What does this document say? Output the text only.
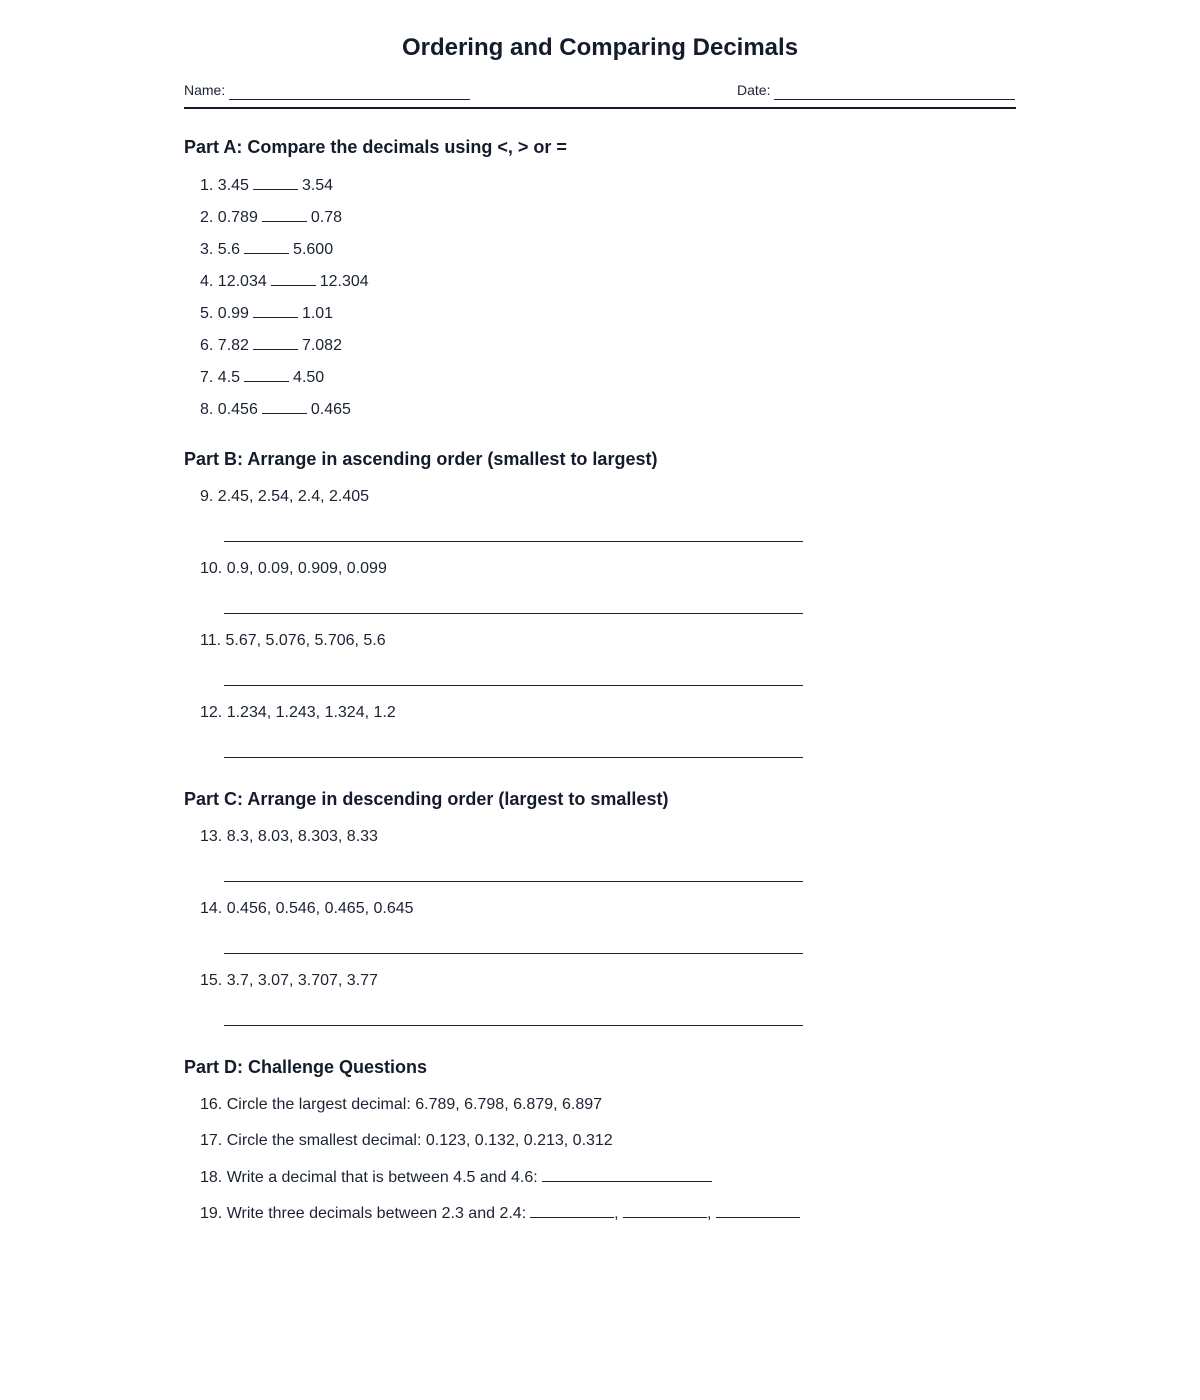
Ordering and Comparing Decimals
Name:	Date:
Part A: Compare the decimals using <, > or =
1. 3.45	3.54
2. 0.789	0.78
3. 5.6	5.600
4. 12.034	12.304
5. 0.99	1.01
6. 7.82	7.082
7. 4.5	4.50
8. 0.456	0.465
Part B: Arrange in ascending order (smallest to largest)
9. 2.45, 2.54, 2.4, 2.405
10. 0.9, 0.09, 0.909, 0.099
11. 5.67, 5.076, 5.706, 5.6
12. 1.234, 1.243, 1.324, 1.2
Part C: Arrange in descending order (largest to smallest)
13. 8.3, 8.03, 8.303, 8.33
14. 0.456, 0.546, 0.465, 0.645
15. 3.7, 3.07, 3.707, 3.77
Part D: Challenge Questions
16. Circle the largest decimal: 6.789, 6.798, 6.879, 6.897
17. Circle the smallest decimal: 0.123, 0.132, 0.213, 0.312
18. Write a decimal that is between 4.5 and 4.6:
19. Write three decimals between 2.3 and 2.4:	,	,
